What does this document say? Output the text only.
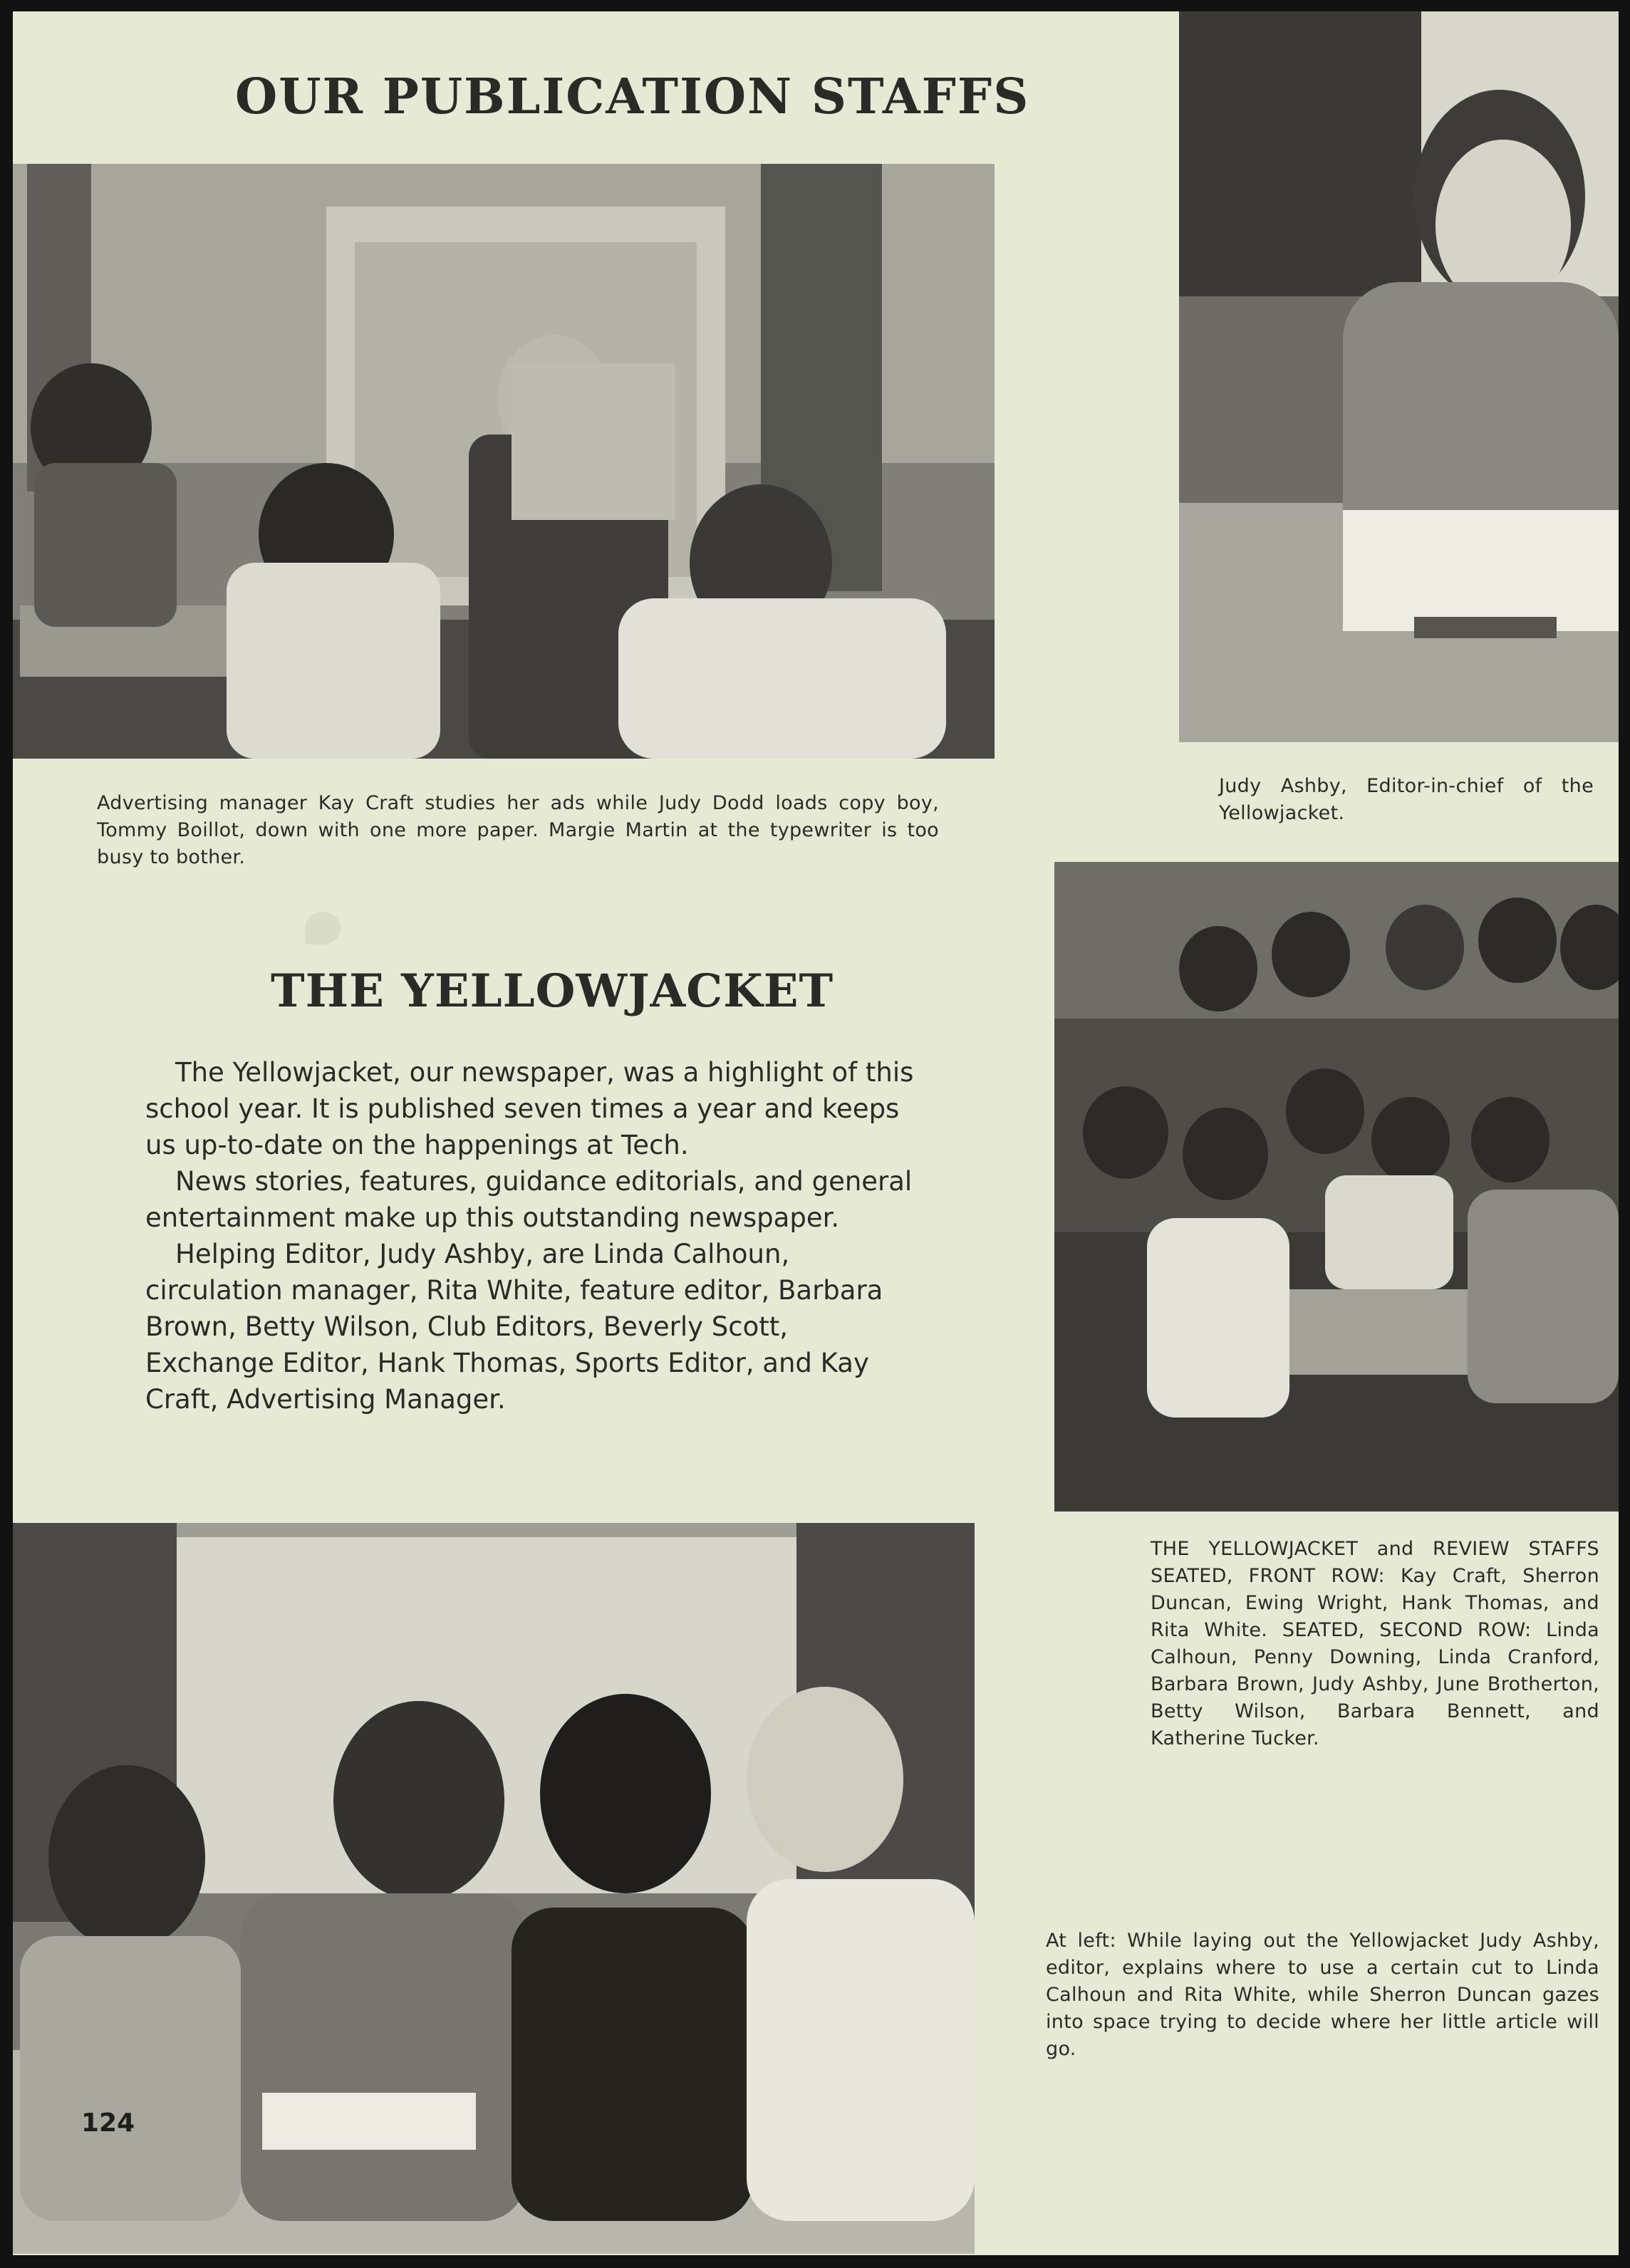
OUR PUBLICATION STAFFS

Advertising manager Kay Craft studies her ads while Judy Dodd loads copy boy, Tommy Boillot, down with one more paper. Margie Martin at the typewriter is too busy to bother.

Judy Ashby, Editor-in-chief of the Yellowjacket.

THE YELLOWJACKET

The Yellowjacket, our newspaper, was a highlight of this school year. It is published seven times a year and keeps us up-to-date on the happenings at Tech.

News stories, features, guidance editorials, and general entertainment make up this outstanding newspaper.

Helping Editor, Judy Ashby, are Linda Calhoun, circulation manager, Rita White, feature editor, Barbara Brown, Betty Wilson, Club Editors, Beverly Scott, Exchange Editor, Hank Thomas, Sports Editor, and Kay Craft, Advertising Manager.

THE YELLOWJACKET and REVIEW STAFFS SEATED, FRONT ROW: Kay Craft, Sherron Duncan, Ewing Wright, Hank Thomas, and Rita White. SEATED, SECOND ROW: Linda Calhoun, Penny Downing, Linda Cranford, Barbara Brown, Judy Ashby, June Brotherton, Betty Wilson, Barbara Bennett, and Katherine Tucker.

At left: While laying out the Yellowjacket Judy Ashby, editor, explains where to use a certain cut to Linda Calhoun and Rita White, while Sherron Duncan gazes into space trying to decide where her little article will go.

124
